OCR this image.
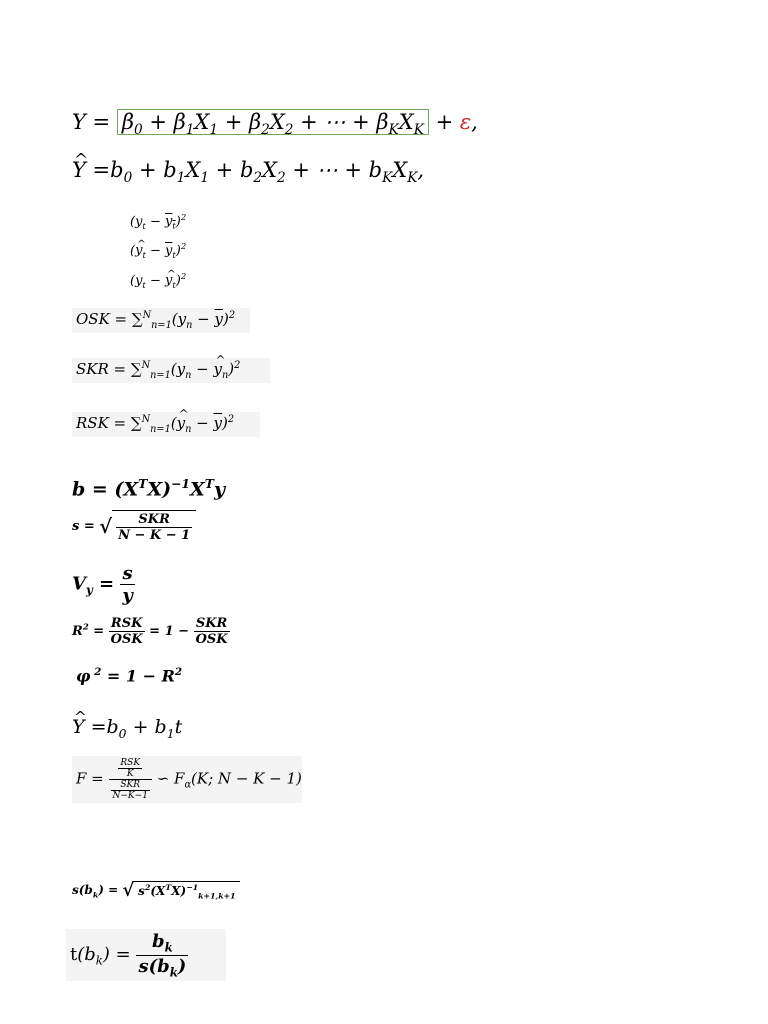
$Y = \beta_0 + \beta_1X_1 + \beta_2X_2$ + ⋯ + $\beta_KX_K + \varepsilon$,
^ $Y =b_0 + b_1X_1 + b_2X_2$ + ⋯ + $b_KX_K$,
$(y_t - y_t)^2$
(^ $y_t - \overline{y}_t)^2$
($y_t$ − ^ $y_t)^2$
OSK = $\sum^N_{n=1}(y_n - \overline{y})^2$
SKR = $\sum^N_{n=1}(y_n$ − ^ $y_n)^2$
RSK = ∑$^N_{n=1}$(^ $y_n - \overline{y})^2$
$b = (X^TX)^{-1}X^Ty$
s = √ $\frac{\text{SKR}}{N - K - 1}$
$V_y = \frac{s}{y}$
$R^2 = \frac{\text{RSK}}{\text{OSK}} = 1 - \frac{\text{SKR}}{\text{OSK}}$
φ $^2 = 1 - R^2$
^ $Y =b_0 + b_1t$
$F = \frac{\frac{\text{RSK}}{K}}{\frac{\text{SKR}}{N-K-1}}$ ∽ $F_\alpha(K$; N − K − 1)
$s(b_k)$ = √ $s^2(X^TX)^{-1}_{k+1,k+1}$
$t(b_k) = \frac{b_k}{s(b_k)}$
